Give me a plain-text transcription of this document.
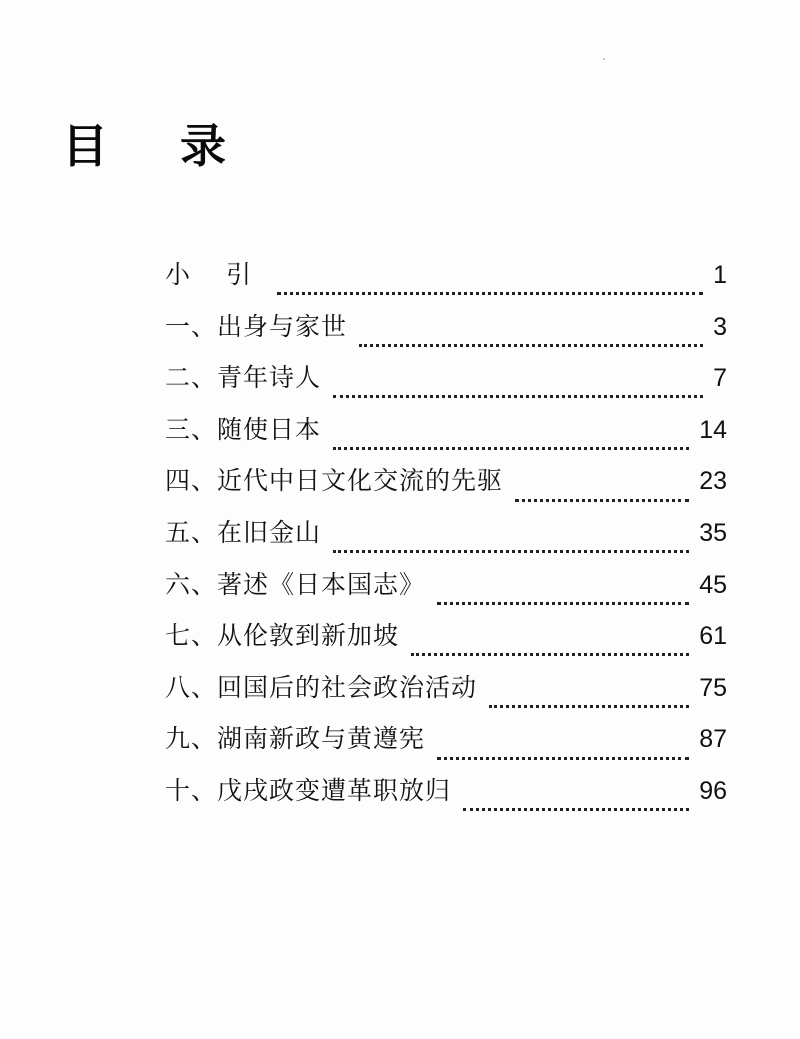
目 录
小 引	1
一、出身与家世	3
二、青年诗人	7
三、随使日本	14
四、近代中日文化交流的先驱	23
五、在旧金山	35
六、著述《日本国志》	45
七、从伦敦到新加坡	61
八、回国后的社会政治活动	75
九、湖南新政与黄遵宪	87
十、戊戌政变遭革职放归	96
